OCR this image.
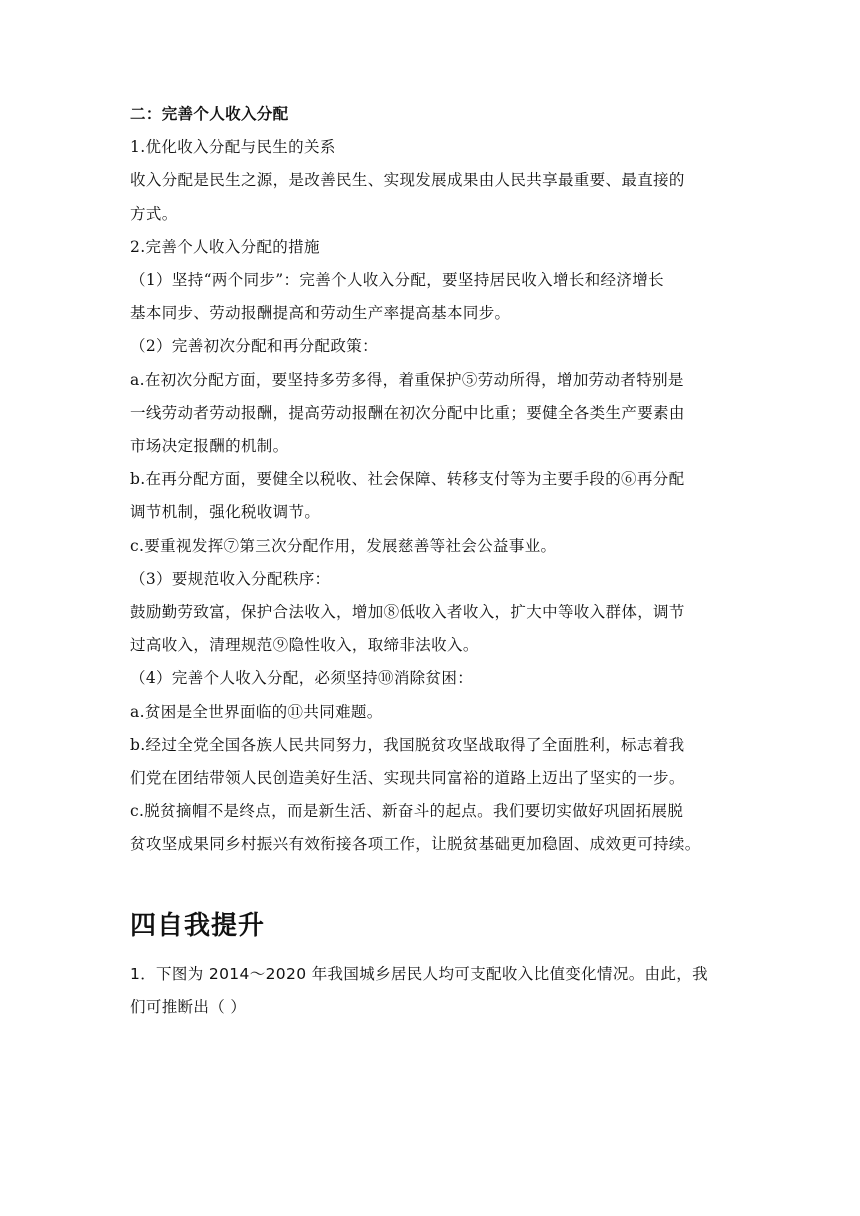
二：完善个人收入分配
1.优化收入分配与民生的关系
收入分配是民生之源，是改善民生、实现发展成果由人民共享最重要、最直接的
方式。
2.完善个人收入分配的措施
（1）坚持“两个同步”：完善个人收入分配，要坚持居民收入增长和经济增长
基本同步、劳动报酬提高和劳动生产率提高基本同步。
（2）完善初次分配和再分配政策：
a.在初次分配方面，要坚持多劳多得，着重保护⑤劳动所得，增加劳动者特别是
一线劳动者劳动报酬，提高劳动报酬在初次分配中比重；要健全各类生产要素由
市场决定报酬的机制。
b.在再分配方面，要健全以税收、社会保障、转移支付等为主要手段的⑥再分配
调节机制，强化税收调节。
c.要重视发挥⑦第三次分配作用，发展慈善等社会公益事业。
（3）要规范收入分配秩序：
鼓励勤劳致富，保护合法收入，增加⑧低收入者收入，扩大中等收入群体，调节
过高收入，清理规范⑨隐性收入，取缔非法收入。
（4）完善个人收入分配，必须坚持⑩消除贫困：
a.贫困是全世界面临的⑪共同难题。
b.经过全党全国各族人民共同努力，我国脱贫攻坚战取得了全面胜利，标志着我
们党在团结带领人民创造美好生活、实现共同富裕的道路上迈出了坚实的一步。
c.脱贫摘帽不是终点，而是新生活、新奋斗的起点。我们要切实做好巩固拓展脱
贫攻坚成果同乡村振兴有效衔接各项工作，让脱贫基础更加稳固、成效更可持续。
四自我提升
1．下图为 2014～2020 年我国城乡居民人均可支配收入比值变化情况。由此，我
们可推断出（ ）
